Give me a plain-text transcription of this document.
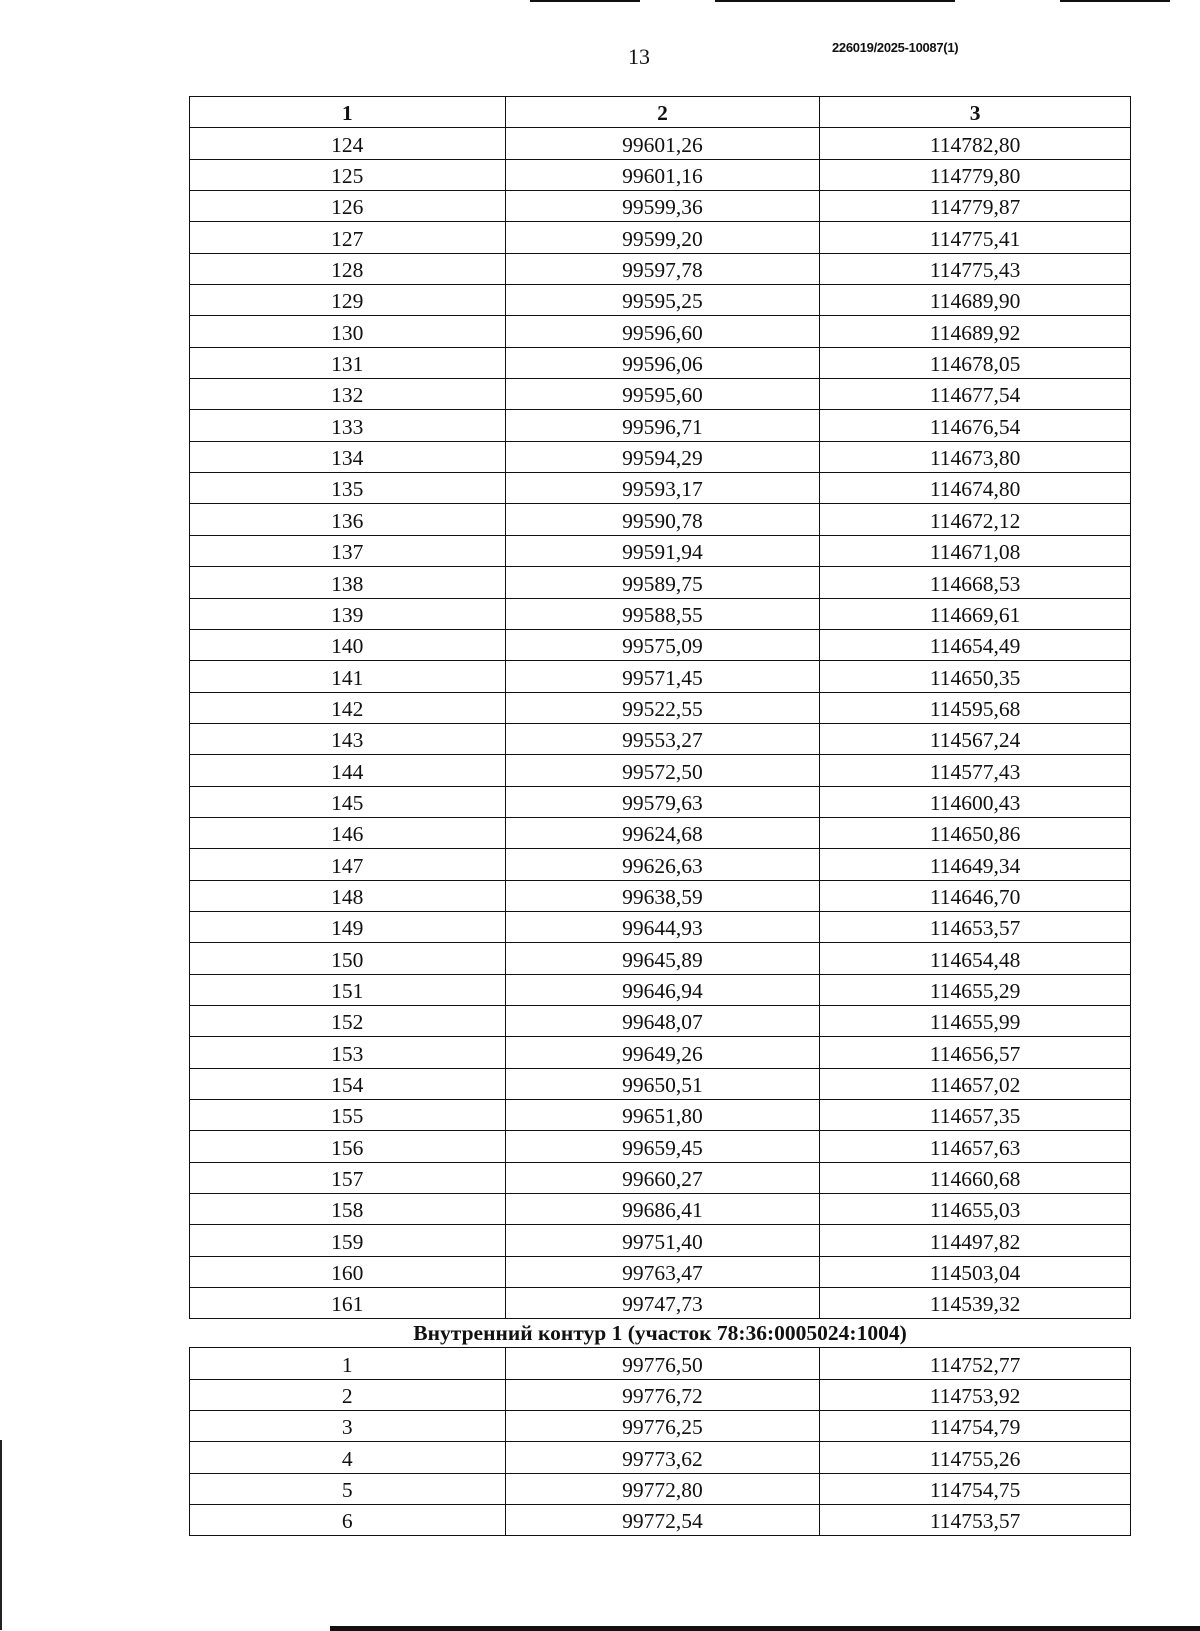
13	226019/2025-10087(1)
1	2	3
124	99601,26	114782,80
125	99601,16	114779,80
126	99599,36	114779,87
127	99599,20	114775,41
128	99597,78	114775,43
129	99595,25	114689,90
130	99596,60	114689,92
131	99596,06	114678,05
132	99595,60	114677,54
133	99596,71	114676,54
134	99594,29	114673,80
135	99593,17	114674,80
136	99590,78	114672,12
137	99591,94	114671,08
138	99589,75	114668,53
139	99588,55	114669,61
140	99575,09	114654,49
141	99571,45	114650,35
142	99522,55	114595,68
143	99553,27	114567,24
144	99572,50	114577,43
145	99579,63	114600,43
146	99624,68	114650,86
147	99626,63	114649,34
148	99638,59	114646,70
149	99644,93	114653,57
150	99645,89	114654,48
151	99646,94	114655,29
152	99648,07	114655,99
153	99649,26	114656,57
154	99650,51	114657,02
155	99651,80	114657,35
156	99659,45	114657,63
157	99660,27	114660,68
158	99686,41	114655,03
159	99751,40	114497,82
160	99763,47	114503,04
161	99747,73	114539,32
Внутренний контур 1 (участок 78:36:0005024:1004)		
1	99776,50	114752,77
2	99776,72	114753,92
3	99776,25	114754,79
4	99773,62	114755,26
5	99772,80	114754,75
6	99772,54	114753,57
